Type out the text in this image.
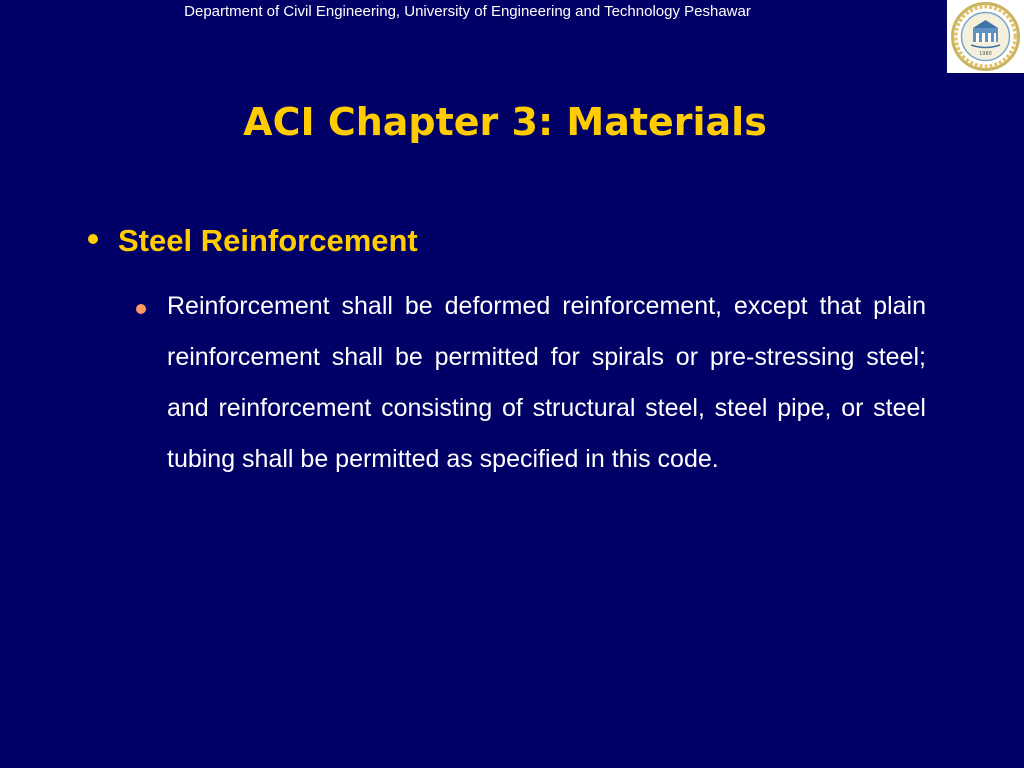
Department of Civil Engineering, University of Engineering and Technology Peshawar
1980
ACI Chapter 3: Materials
Steel Reinforcement
Reinforcement shall be deformed reinforcement, except that plain reinforcement shall be permitted for spirals or pre-stressing steel; and reinforcement consisting of structural steel, steel pipe, or steel tubing shall be permitted as specified in this code.
